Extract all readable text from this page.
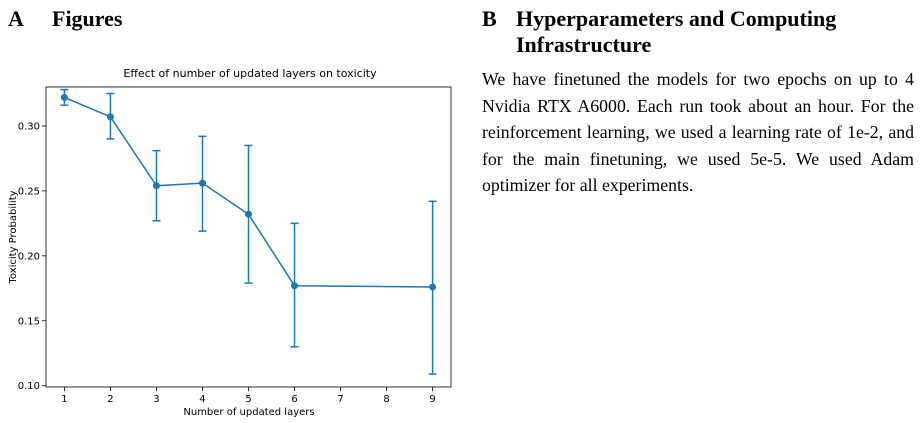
A Figures	B Hyperparameters and Computing Infrastructure

We have finetuned the models for two epochs on up to 4 Nvidia RTX A6000. Each run took about an hour. For the reinforcement learning, we used a learning rate of 1e-2, and for the main finetuning, we used 5e-5. We used Adam optimizer for all experiments.

Effect of number of updated layers on toxicity
1	2	3	4	5	6	7	8	9
0.10
0.15
0.20
0.25
0.30
Number of updated layers
Toxicity Probability
